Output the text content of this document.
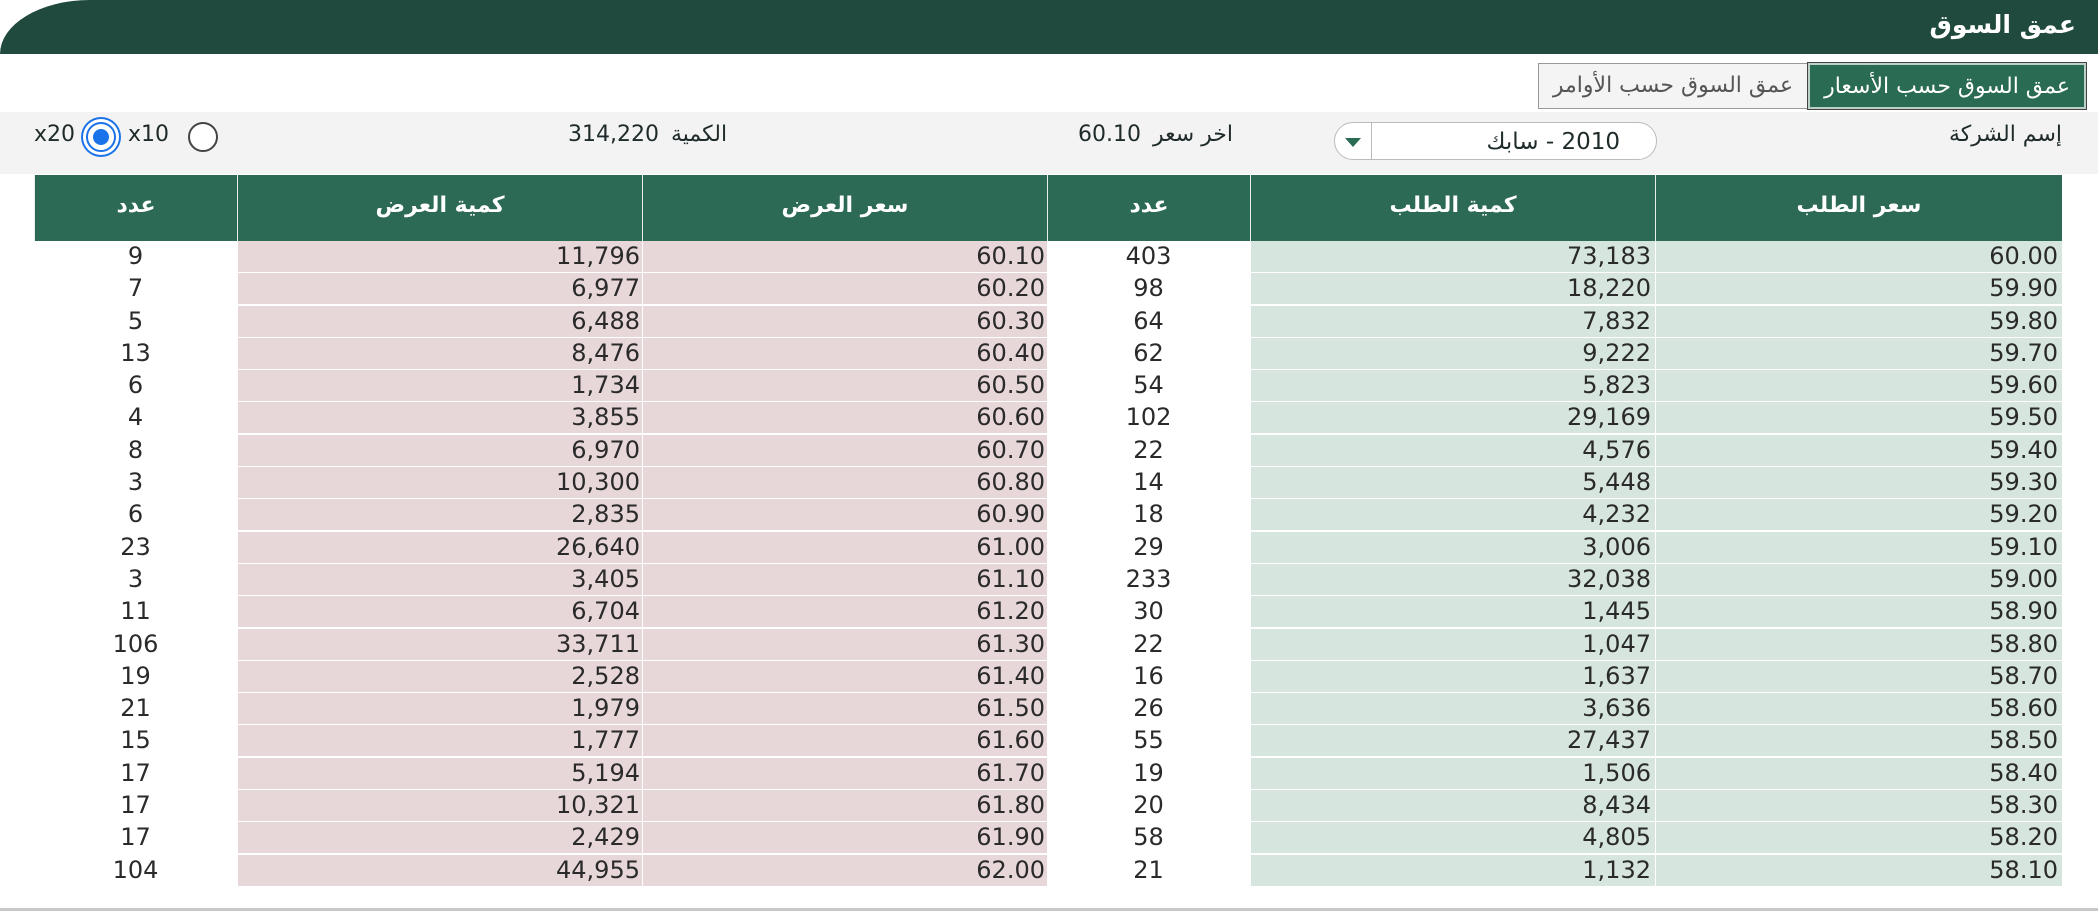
عمق السوق
عمق السوق حسب الأسعار
عمق السوق حسب الأوامر
إسم الشركة
2010 - سابك
60.10 اخر سعر
314,220 الكمية
x10
x20
عدد	كمية العرض	سعر العرض	عدد	كمية الطلب	سعر الطلب
9	11,796	60.10	403	73,183	60.00
7	6,977	60.20	98	18,220	59.90
5	6,488	60.30	64	7,832	59.80
13	8,476	60.40	62	9,222	59.70
6	1,734	60.50	54	5,823	59.60
4	3,855	60.60	102	29,169	59.50
8	6,970	60.70	22	4,576	59.40
3	10,300	60.80	14	5,448	59.30
6	2,835	60.90	18	4,232	59.20
23	26,640	61.00	29	3,006	59.10
3	3,405	61.10	233	32,038	59.00
11	6,704	61.20	30	1,445	58.90
106	33,711	61.30	22	1,047	58.80
19	2,528	61.40	16	1,637	58.70
21	1,979	61.50	26	3,636	58.60
15	1,777	61.60	55	27,437	58.50
17	5,194	61.70	19	1,506	58.40
17	10,321	61.80	20	8,434	58.30
17	2,429	61.90	58	4,805	58.20
104	44,955	62.00	21	1,132	58.10
